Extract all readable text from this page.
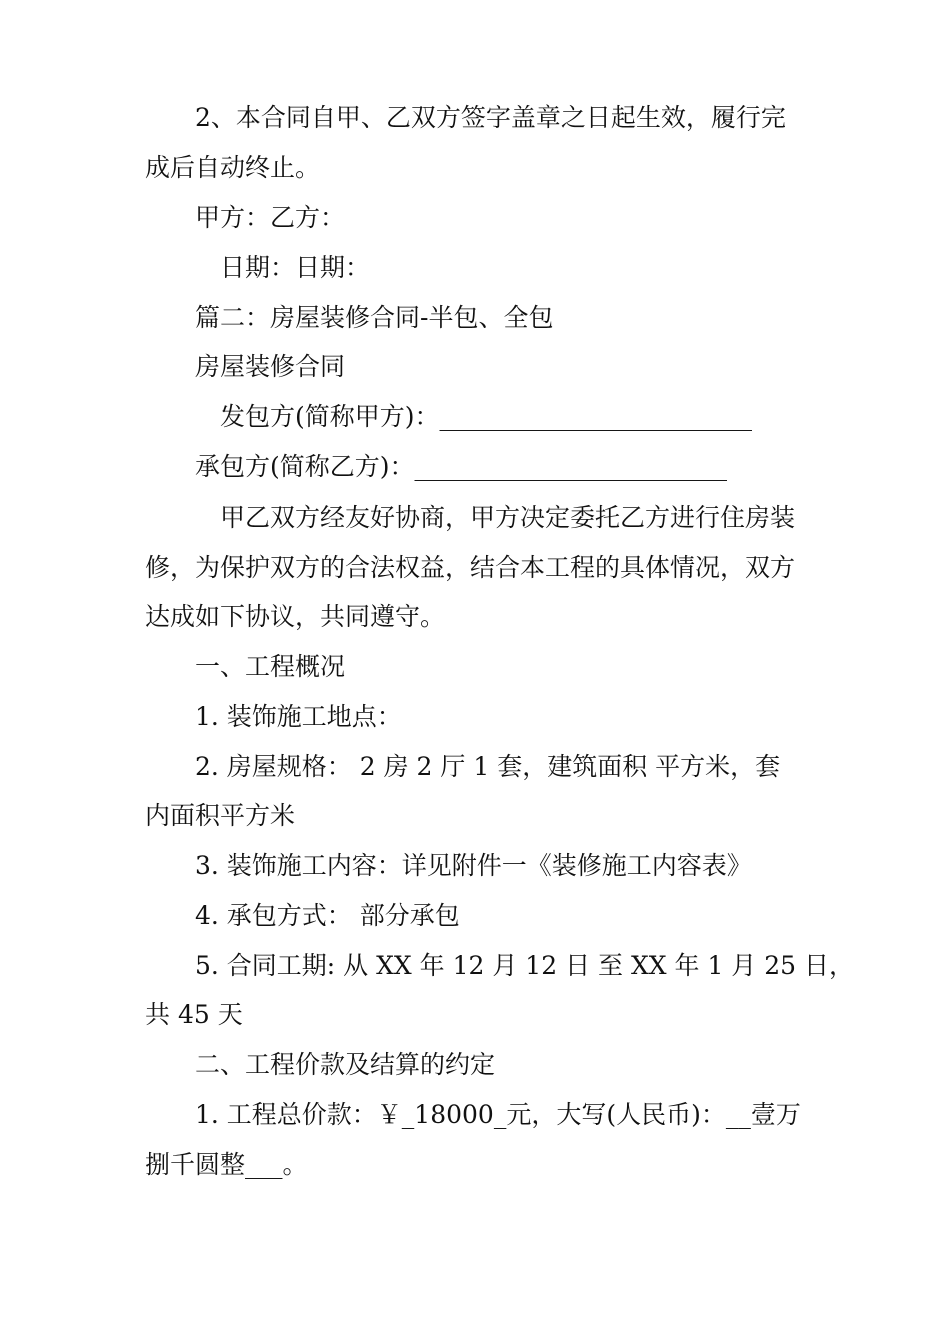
2、本合同自甲、乙双方签字盖章之日起生效，履行完
成后自动终止。
甲方：乙方：
日期：日期：
篇二：房屋装修合同-半包、全包
房屋装修合同
发包方(简称甲方)：_________________________
承包方(简称乙方)：_________________________
甲乙双方经友好协商，甲方决定委托乙方进行住房装
修，为保护双方的合法权益，结合本工程的具体情况，双方
达成如下协议，共同遵守。
一、工程概况
1. 装饰施工地点：
2. 房屋规格： 2 房 2 厅 1 套，建筑面积 平方米，套
内面积平方米
3. 装饰施工内容：详见附件一《装修施工内容表》
4. 承包方式： 部分承包
5. 合同工期: 从 XX 年 12 月 12 日 至 XX 年 1 月 25 日，
共 45 天
二、工程价款及结算的约定
1. 工程总价款：￥_18000_元，大写(人民币)：__壹万
捌千圆整___。
